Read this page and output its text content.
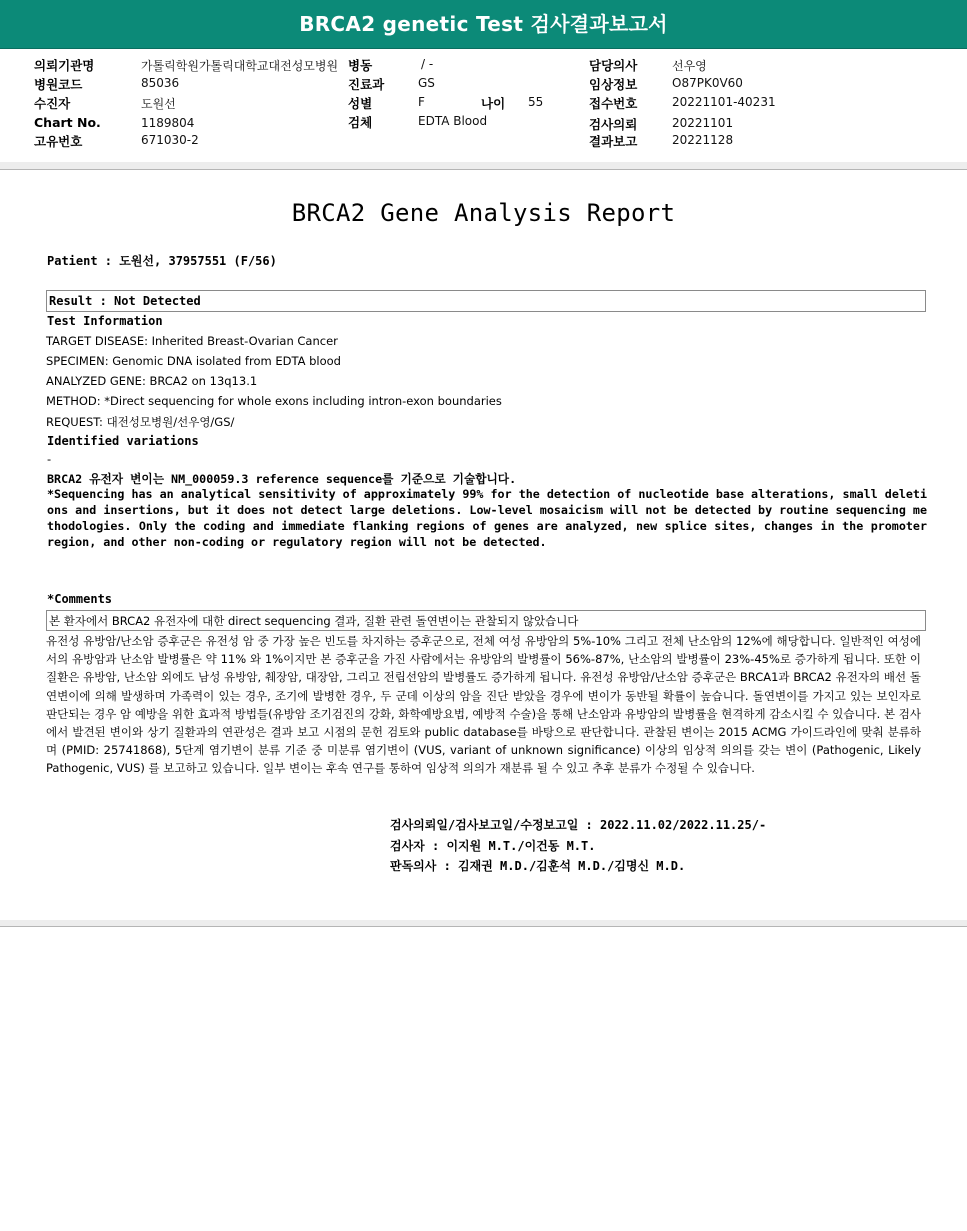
BRCA2 genetic Test 검사결과보고서
의뢰기관명	가톨릭학원가톨릭대학교대전성모병원
병원코드	85036
수진자	도원선
Chart No.	1189804
고유번호	671030-2
병동	/ -
진료과	GS
성별	F	나이 55
검체	EDTA Blood
담당의사	선우영
임상정보	O87PK0V60
접수번호	20221101-40231
검사의뢰	20221101
결과보고	20221128
BRCA2 Gene Analysis Report
Patient : 도원선, 37957551 (F/56)
Result : Not Detected
Test Information
TARGET DISEASE: Inherited Breast-Ovarian Cancer
SPECIMEN: Genomic DNA isolated from EDTA blood
ANALYZED GENE: BRCA2 on 13q13.1
METHOD: *Direct sequencing for whole exons including intron-exon boundaries
REQUEST: 대전성모병원/선우영/GS/
Identified variations
-
BRCA2 유전자 변이는 NM_000059.3 reference sequence를 기준으로 기술합니다.
*Sequencing has an analytical sensitivity of approximately 99% for the detection of nucleotide base alterations, small deletions and insertions, but it does not detect large deletions. Low-level mosaicism will not be detected by routine sequencing methodologies. Only the coding and immediate flanking regions of genes are analyzed, new splice sites, changes in the promoter region, and other non-coding or regulatory region will not be detected.
*Comments
본 환자에서 BRCA2 유전자에 대한 direct sequencing 결과, 질환 관련 돌연변이는 관찰되지 않았습니다
유전성 유방암/난소암 증후군은 유전성 암 중 가장 높은 빈도를 차지하는 증후군으로, 전체 여성 유방암의 5%-10% 그리고 전체 난소암의 12%에 해당합니다. 일반적인 여성에서의 유방암과 난소암 발병률은 약 11% 와 1%이지만 본 증후군을 가진 사람에서는 유방암의 발병률이 56%-87%, 난소암의 발병률이 23%-45%로 증가하게 됩니다. 또한 이 질환은 유방암, 난소암 외에도 남성 유방암, 췌장암, 대장암, 그리고 전립선암의 발병률도 증가하게 됩니다. 유전성 유방암/난소암 증후군은 BRCA1과 BRCA2 유전자의 배선 돌연변이에 의해 발생하며 가족력이 있는 경우, 조기에 발병한 경우, 두 군데 이상의 암을 진단 받았을 경우에 변이가 동반될 확률이 높습니다. 돌연변이를 가지고 있는 보인자로 판단되는 경우 암 예방을 위한 효과적 방법들(유방암 조기검진의 강화, 화학예방요법, 예방적 수술)을 통해 난소암과 유방암의 발병률을 현격하게 감소시킬 수 있습니다. 본 검사에서 발견된 변이와 상기 질환과의 연관성은 결과 보고 시점의 문헌 검토와 public database를 바탕으로 판단합니다. 관찰된 변이는 2015 ACMG 가이드라인에 맞춰 분류하며 (PMID: 25741868), 5단계 염기변이 분류 기준 중 미분류 염기변이 (VUS, variant of unknown significance) 이상의 임상적 의의를 갖는 변이 (Pathogenic, Likely Pathogenic, VUS) 를 보고하고 있습니다. 일부 변이는 후속 연구를 통하여 임상적 의의가 재분류 될 수 있고 추후 분류가 수정될 수 있습니다.
검사의뢰일/검사보고일/수정보고일 : 2022.11.02/2022.11.25/-
검사자 : 이지원 M.T./이건동 M.T.
판독의사 : 김재권 M.D./김훈석 M.D./김명신 M.D.
